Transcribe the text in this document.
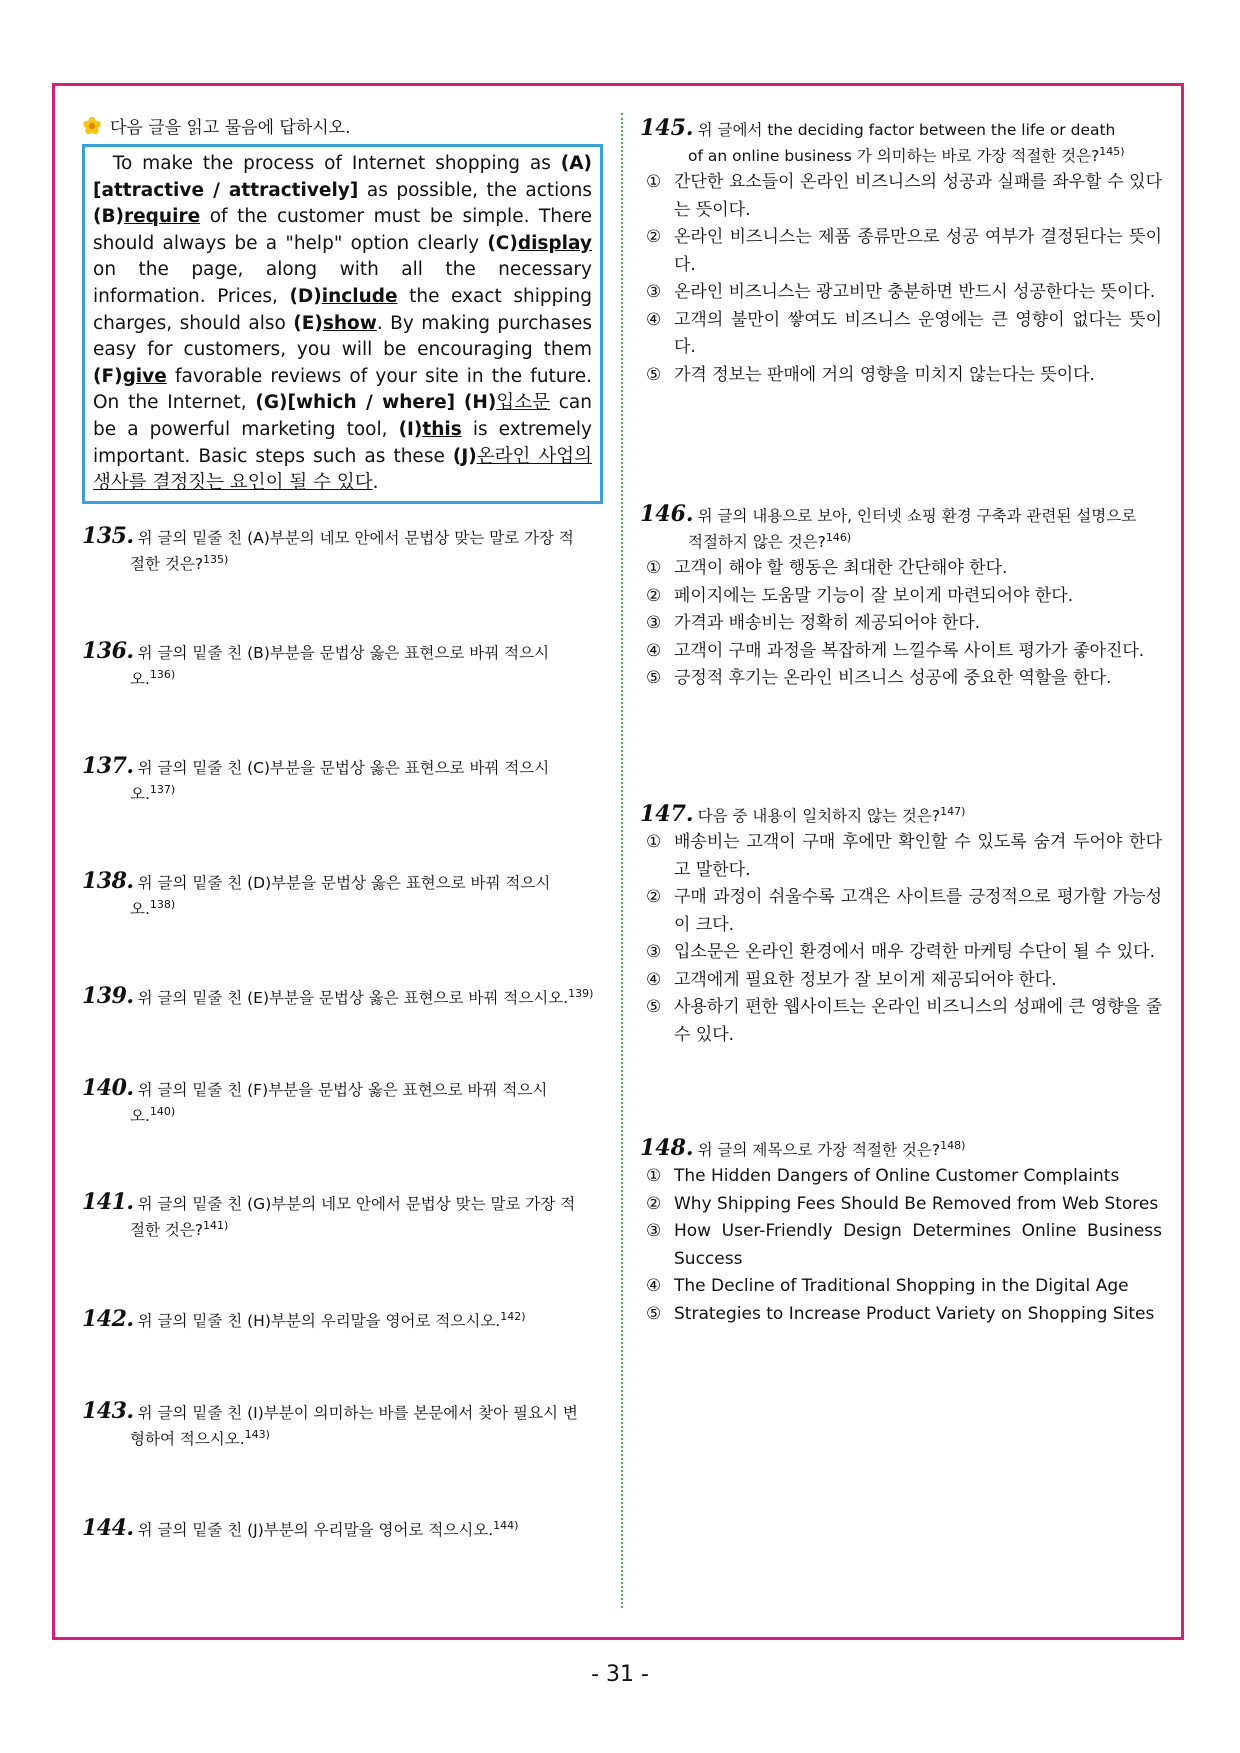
다음 글을 읽고 물음에 답하시오.
To make the process of Internet shopping as (A)[attractive / attractively] as possible, the actions (B)require of the customer must be simple. There should always be a "help" option clearly (C)display on the page, along with all the necessary information. Prices, (D)include the exact shipping charges, should also (E)show. By making purchases easy for customers, you will be encouraging them (F)give favorable reviews of your site in the future. On the Internet, (G)[which / where] (H)입소문 can be a powerful marketing tool, (I)this is extremely important. Basic steps such as these (J)온라인 사업의 생사를 결정짓는 요인이 될 수 있다.
135. 위 글의 밑줄 친 (A)부분의 네모 안에서 문법상 맞는 말로 가장 적
절한 것은?$^{135)}$
136. 위 글의 밑줄 친 (B)부분을 문법상 옳은 표현으로 바꿔 적으시
오.$^{136)}$
137. 위 글의 밑줄 친 (C)부분을 문법상 옳은 표현으로 바꿔 적으시
오.$^{137)}$
138. 위 글의 밑줄 친 (D)부분을 문법상 옳은 표현으로 바꿔 적으시
오.$^{138)}$
139. 위 글의 밑줄 친 (E)부분을 문법상 옳은 표현으로 바꿔 적으시오.$^{139)}$
140. 위 글의 밑줄 친 (F)부분을 문법상 옳은 표현으로 바꿔 적으시
오.$^{140)}$
141. 위 글의 밑줄 친 (G)부분의 네모 안에서 문법상 맞는 말로 가장 적
절한 것은?$^{141)}$
142. 위 글의 밑줄 친 (H)부분의 우리말을 영어로 적으시오.$^{142)}$
143. 위 글의 밑줄 친 (I)부분이 의미하는 바를 본문에서 찾아 필요시 변
형하여 적으시오.$^{143)}$
144. 위 글의 밑줄 친 (J)부분의 우리말을 영어로 적으시오.$^{144)}$
145. 위 글에서 the deciding factor between the life or death
of an online business 가 의미하는 바로 가장 적절한 것은?$^{145)}$
① 간단한 요소들이 온라인 비즈니스의 성공과 실패를 좌우할 수 있다는 뜻이다.
② 온라인 비즈니스는 제품 종류만으로 성공 여부가 결정된다는 뜻이다.
③ 온라인 비즈니스는 광고비만 충분하면 반드시 성공한다는 뜻이다.
④ 고객의 불만이 쌓여도 비즈니스 운영에는 큰 영향이 없다는 뜻이다.
⑤ 가격 정보는 판매에 거의 영향을 미치지 않는다는 뜻이다.
146. 위 글의 내용으로 보아, 인터넷 쇼핑 환경 구축과 관련된 설명으로
적절하지 않은 것은?$^{146)}$
① 고객이 해야 할 행동은 최대한 간단해야 한다.
② 페이지에는 도움말 기능이 잘 보이게 마련되어야 한다.
③ 가격과 배송비는 정확히 제공되어야 한다.
④ 고객이 구매 과정을 복잡하게 느낄수록 사이트 평가가 좋아진다.
⑤ 긍정적 후기는 온라인 비즈니스 성공에 중요한 역할을 한다.
147. 다음 중 내용이 일치하지 않는 것은?$^{147)}$
① 배송비는 고객이 구매 후에만 확인할 수 있도록 숨겨 두어야 한다고 말한다.
② 구매 과정이 쉬울수록 고객은 사이트를 긍정적으로 평가할 가능성이 크다.
③ 입소문은 온라인 환경에서 매우 강력한 마케팅 수단이 될 수 있다.
④ 고객에게 필요한 정보가 잘 보이게 제공되어야 한다.
⑤ 사용하기 편한 웹사이트는 온라인 비즈니스의 성패에 큰 영향을 줄 수 있다.
148. 위 글의 제목으로 가장 적절한 것은?$^{148)}$
① The Hidden Dangers of Online Customer Complaints
② Why Shipping Fees Should Be Removed from Web Stores
③ How User-Friendly Design Determines Online Business Success
④ The Decline of Traditional Shopping in the Digital Age
⑤ Strategies to Increase Product Variety on Shopping Sites
- 31 -
